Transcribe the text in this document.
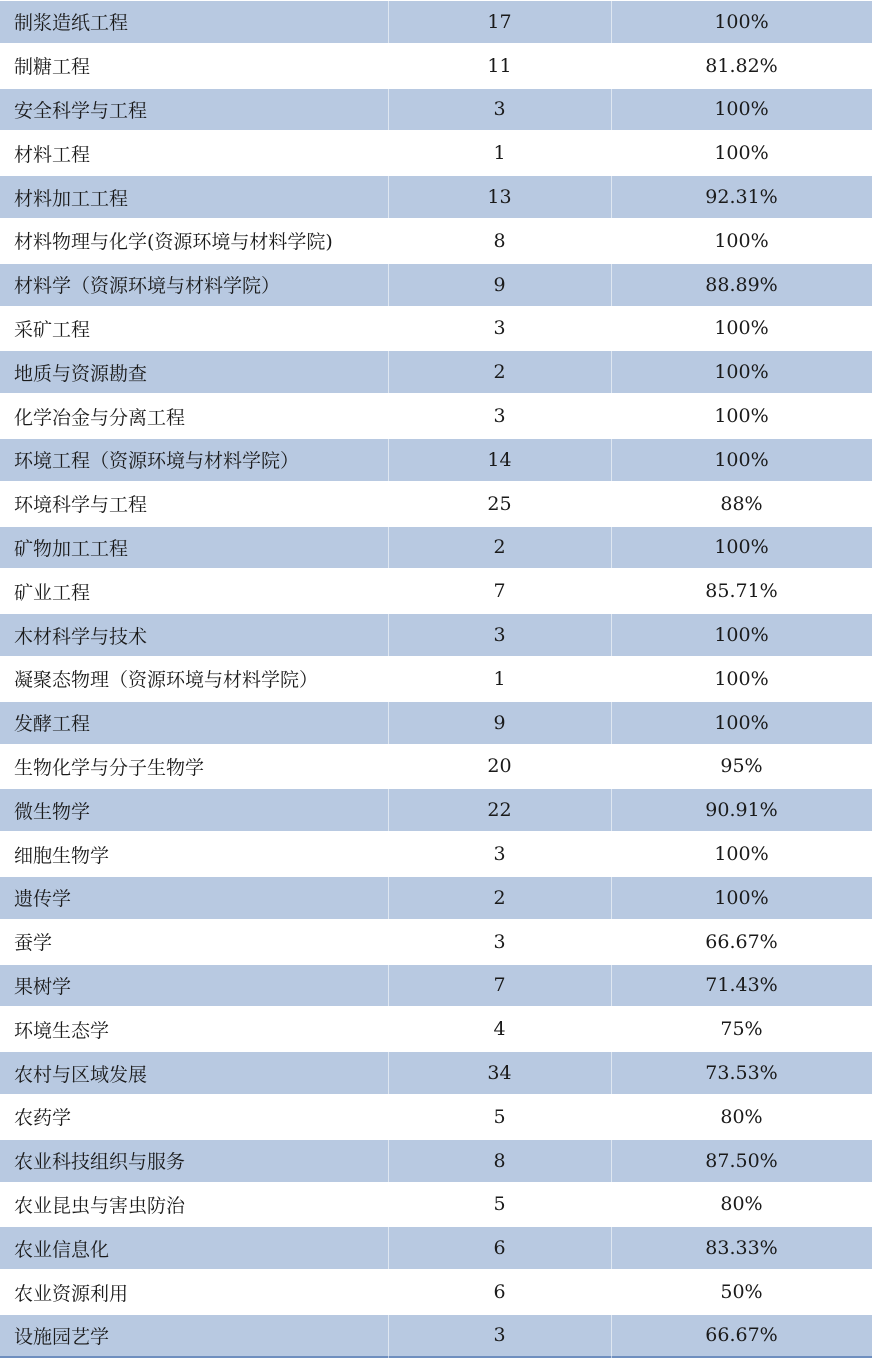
制浆造纸工程	17	100%
制糖工程	11	81.82%
安全科学与工程	3	100%
材料工程	1	100%
材料加工工程	13	92.31%
材料物理与化学(资源环境与材料学院)	8	100%
材料学（资源环境与材料学院）	9	88.89%
采矿工程	3	100%
地质与资源勘查	2	100%
化学冶金与分离工程	3	100%
环境工程（资源环境与材料学院）	14	100%
环境科学与工程	25	88%
矿物加工工程	2	100%
矿业工程	7	85.71%
木材科学与技术	3	100%
凝聚态物理（资源环境与材料学院）	1	100%
发酵工程	9	100%
生物化学与分子生物学	20	95%
微生物学	22	90.91%
细胞生物学	3	100%
遗传学	2	100%
蚕学	3	66.67%
果树学	7	71.43%
环境生态学	4	75%
农村与区域发展	34	73.53%
农药学	5	80%
农业科技组织与服务	8	87.50%
农业昆虫与害虫防治	5	80%
农业信息化	6	83.33%
农业资源利用	6	50%
设施园艺学	3	66.67%
